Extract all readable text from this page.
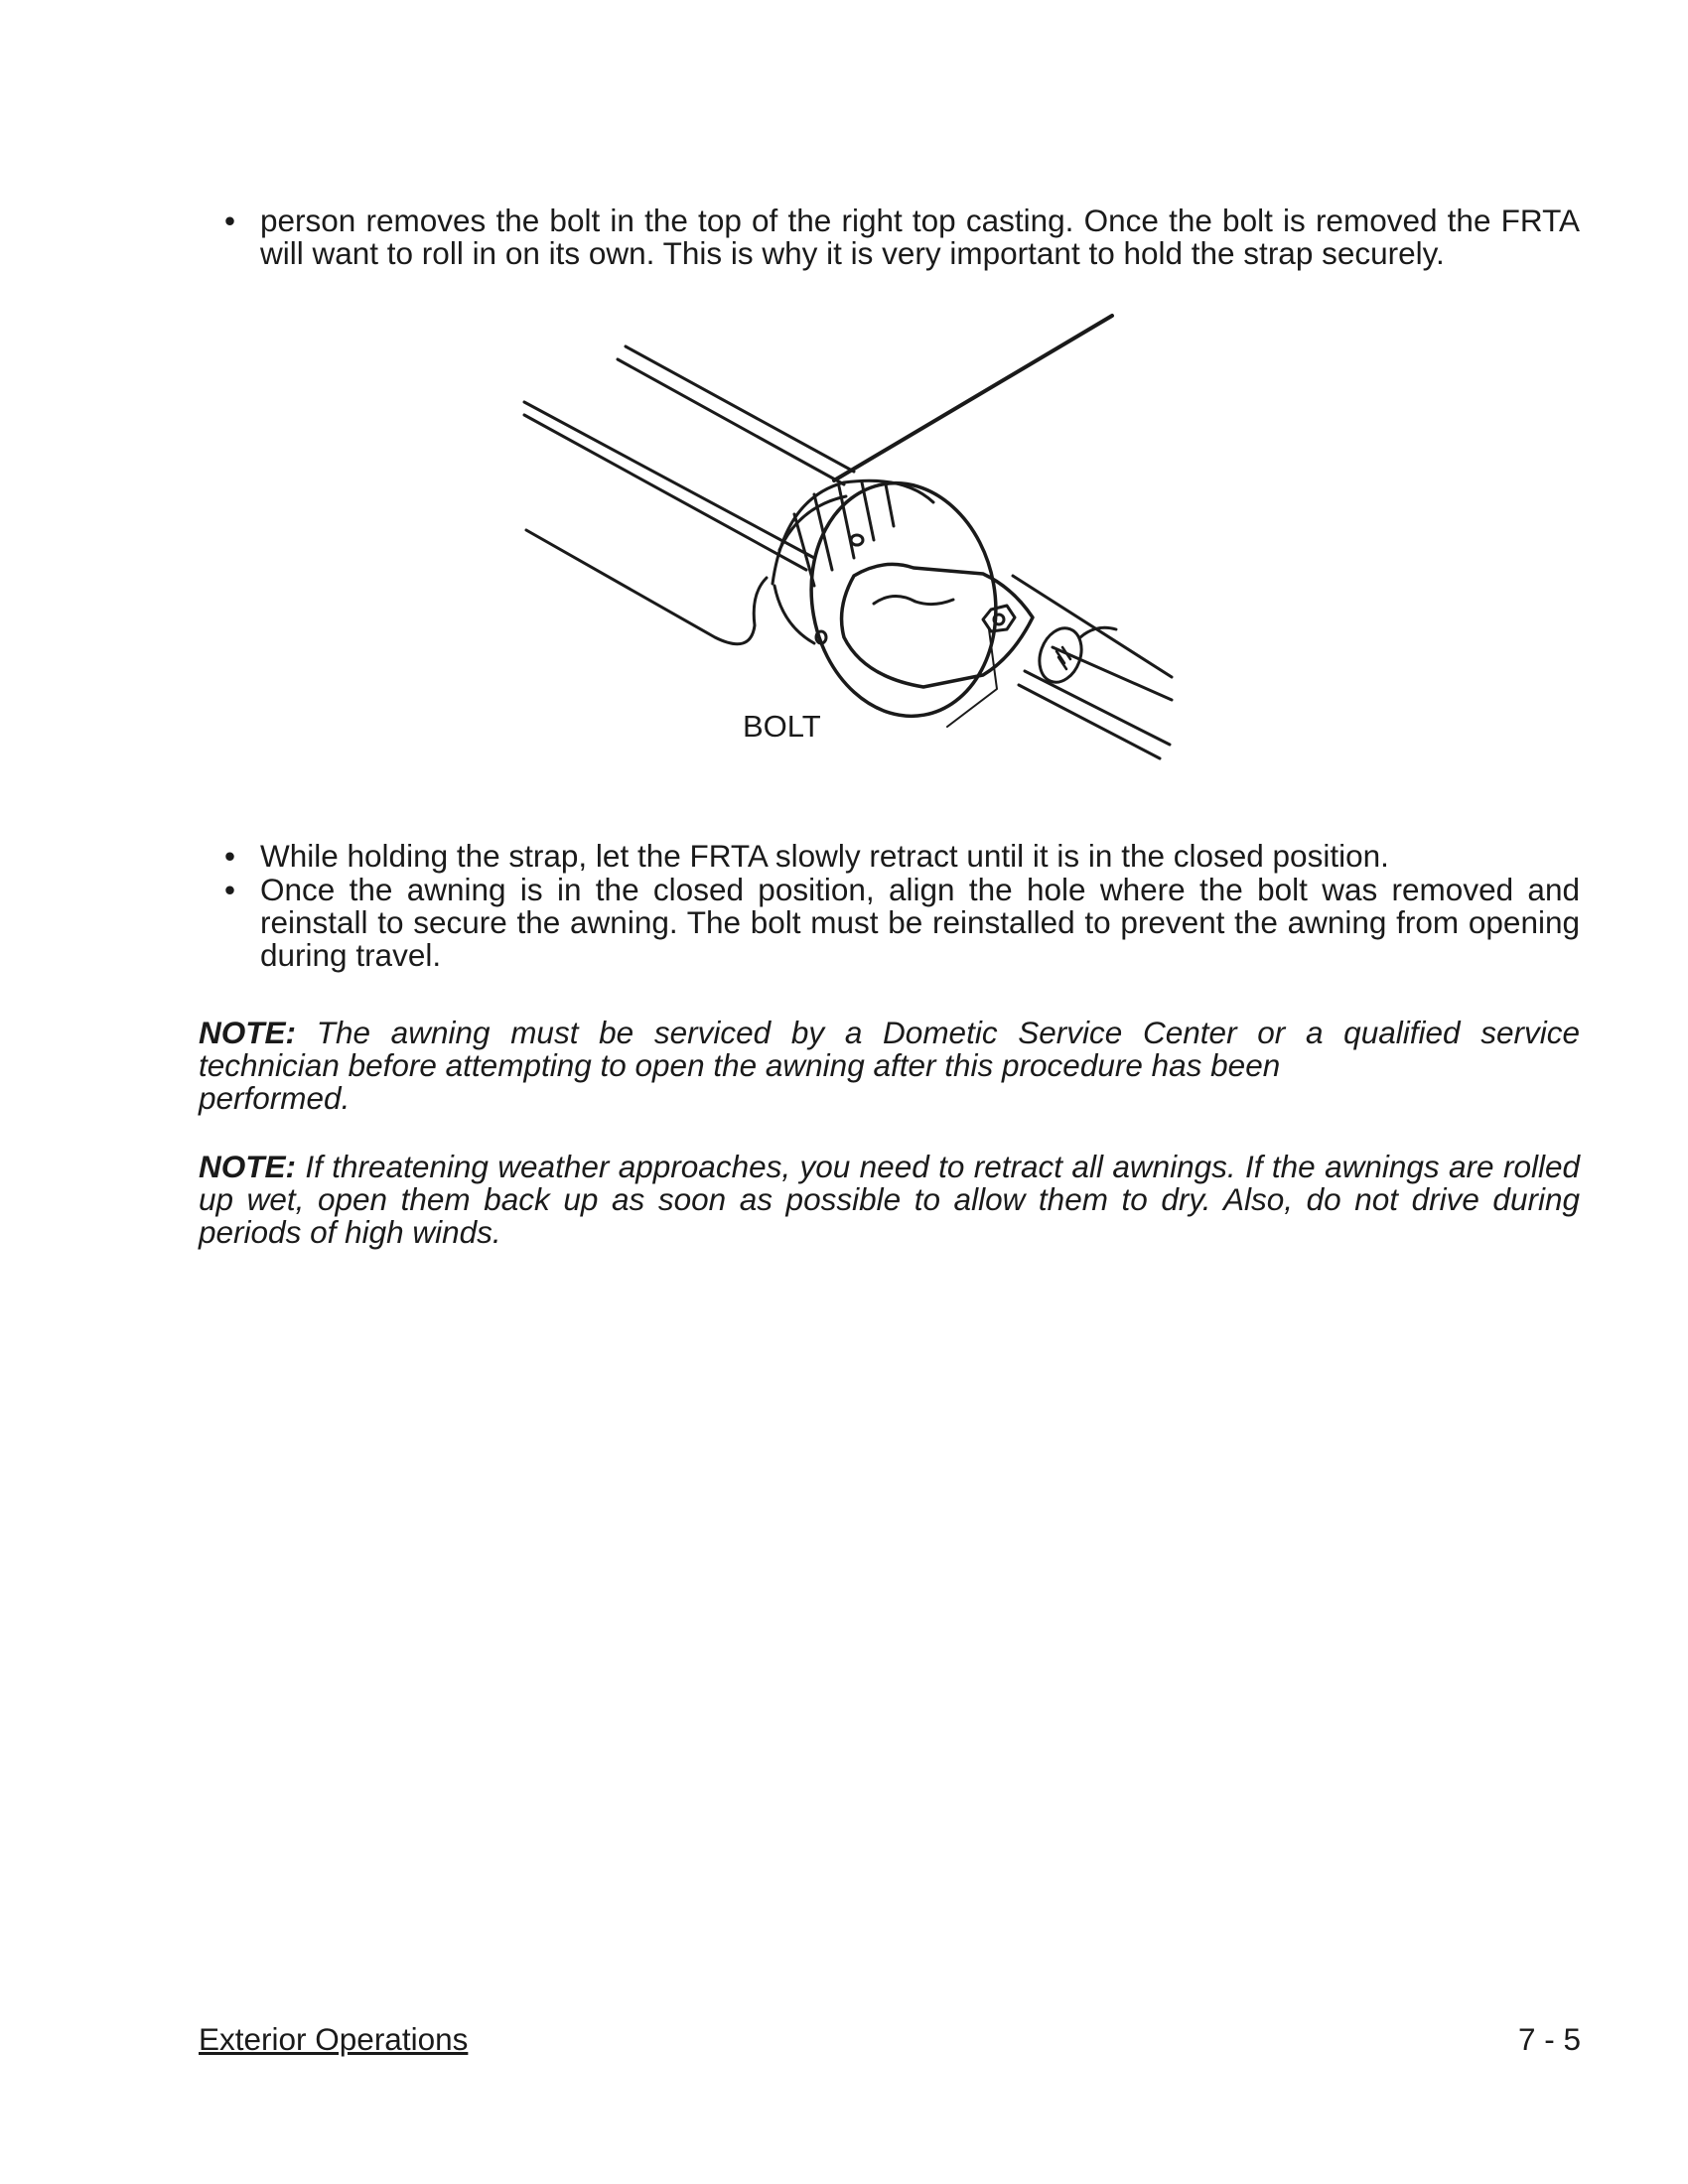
• person removes the bolt in the top of the right top casting. Once the bolt is removed the FRTA will want to roll in on its own. This is why it is very important to hold the strap securely.
BOLT
• While holding the strap, let the FRTA slowly retract until it is in the closed position.
• Once the awning is in the closed position, align the hole where the bolt was removed and reinstall to secure the awning. The bolt must be reinstalled to prevent the awning from opening during travel.
NOTE: The awning must be serviced by a Dometic Service Center or a qualified service
technician before attempting to open the awning after this procedure has been
performed.

NOTE: If threatening weather approaches, you need to retract all awnings. If the awnings are rolled up wet, open them back up as soon as possible to allow them to dry. Also, do not drive during periods of high winds.

Exterior Operations	7 - 5
